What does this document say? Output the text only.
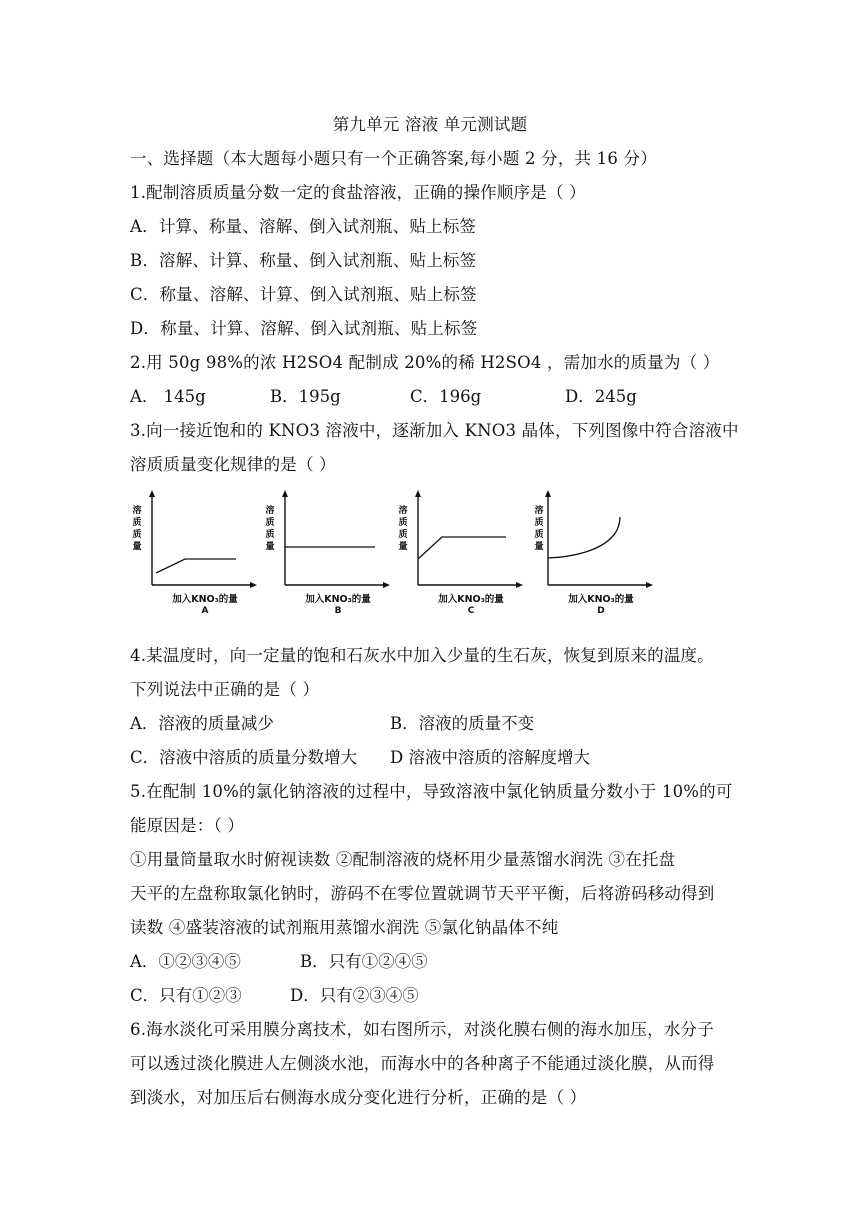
第九单元 溶液 单元测试题
一、选择题（本大题每小题只有一个正确答案,每小题 2 分，共 16 分）
1.配制溶质质量分数一定的食盐溶液，正确的操作顺序是（ ）
A．计算、称量、溶解、倒入试剂瓶、贴上标签
B．溶解、计算、称量、倒入试剂瓶、贴上标签
C．称量、溶解、计算、倒入试剂瓶、贴上标签
D．称量、计算、溶解、倒入试剂瓶、贴上标签
2.用 50g 98%的浓 H2SO4 配制成 20%的稀 H2SO4 ，需加水的质量为（ ）
A． 145g	B．195g	C．196g	D．245g
3.向一接近饱和的 KNO3 溶液中，逐渐加入 KNO3 晶体，下列图像中符合溶液中
溶质质量变化规律的是（ ）
溶质质量
加入KNO₃的量
A
溶质质量
加入KNO₃的量
B
溶质质量
加入KNO₃的量
C
溶质质量
加入KNO₃的量
D
4.某温度时，向一定量的饱和石灰水中加入少量的生石灰，恢复到原来的温度。
下列说法中正确的是（ ）
A．溶液的质量减少	B．溶液的质量不变
C．溶液中溶质的质量分数增大 D 溶液中溶质的溶解度增大
5.在配制 10%的氯化钠溶液的过程中，导致溶液中氯化钠质量分数小于 10%的可
能原因是：（ ）
①用量筒量取水时俯视读数 ②配制溶液的烧杯用少量蒸馏水润洗 ③在托盘
天平的左盘称取氯化钠时，游码不在零位置就调节天平平衡，后将游码移动得到
读数 ④盛装溶液的试剂瓶用蒸馏水润洗 ⑤氯化钠晶体不纯
A．①②③④⑤	B．只有①②④⑤
C．只有①②③	D．只有②③④⑤
6.海水淡化可采用膜分离技术，如右图所示，对淡化膜右侧的海水加压，水分子
可以透过淡化膜进人左侧淡水池，而海水中的各种离子不能通过淡化膜，从而得
到淡水，对加压后右侧海水成分变化进行分析，正确的是（ ）
